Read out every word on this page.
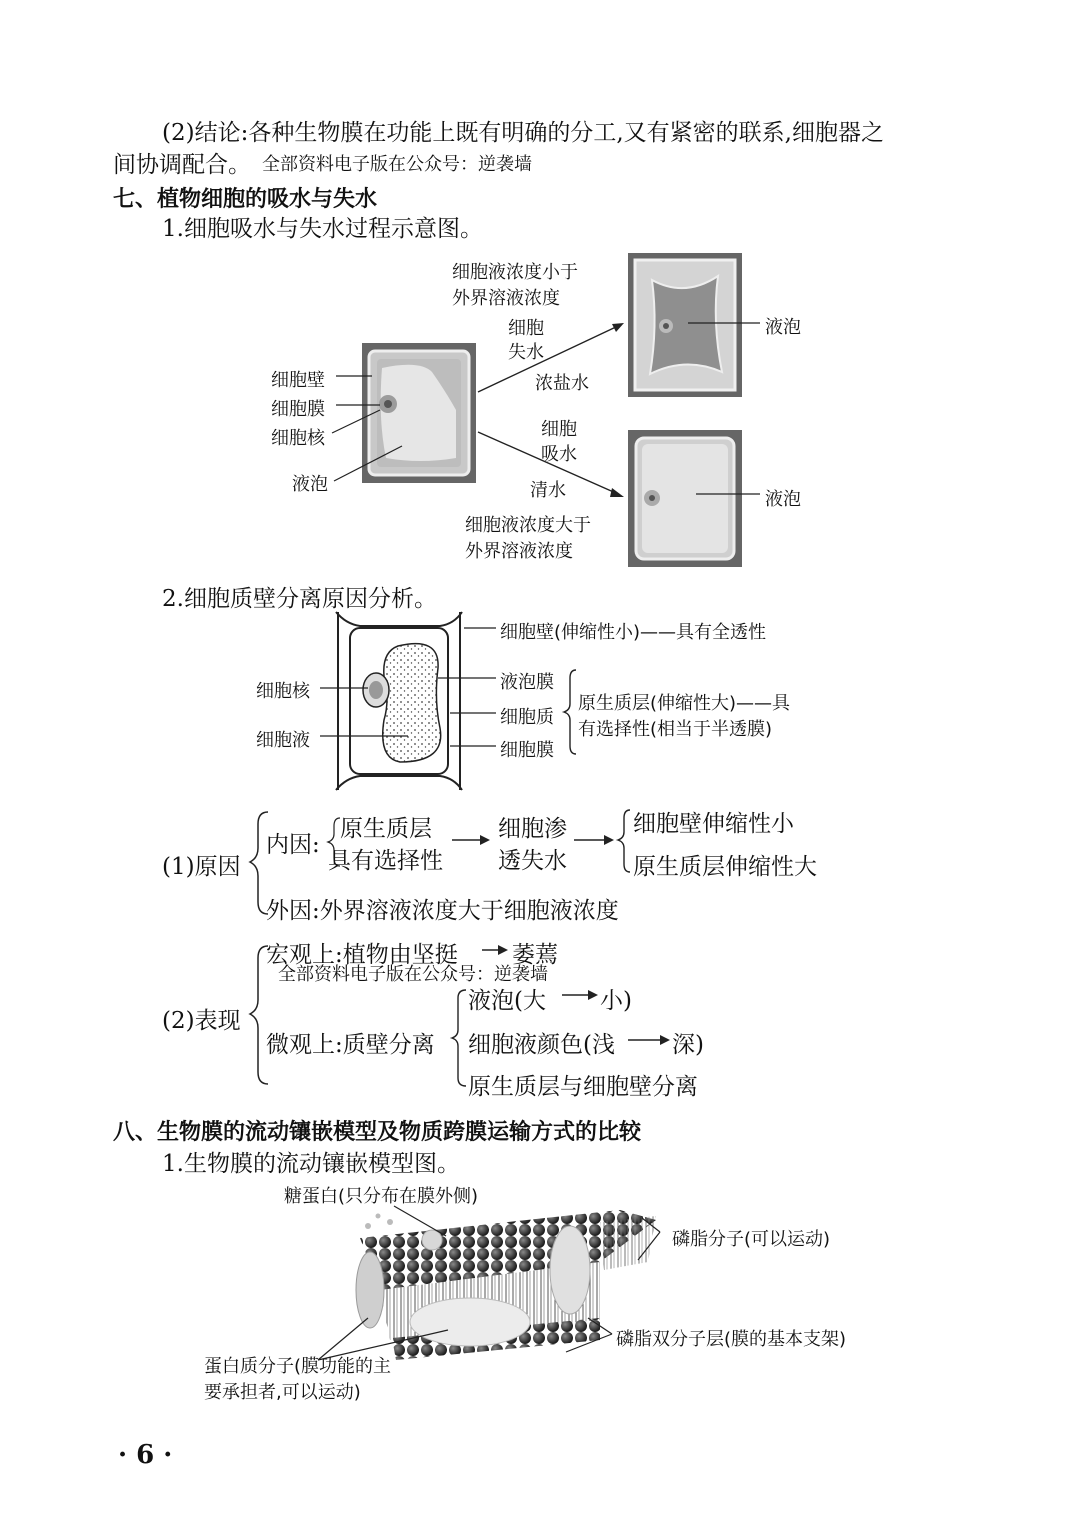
(2)结论:各种生物膜在功能上既有明确的分工,又有紧密的联系,细胞器之
间协调配合。 全部资料电子版在公众号：逆袭墙
七、植物细胞的吸水与失水
1.细胞吸水与失水过程示意图。
细胞液浓度小于
外界溶液浓度
细胞
失水
浓盐水
细胞
吸水
清水
细胞液浓度大于
外界溶液浓度
细胞壁
细胞膜
细胞核
液泡
液泡
液泡
2.细胞质壁分离原因分析。
细胞壁(伸缩性小)——具有全透性
液泡膜
细胞质
细胞膜
原生质层(伸缩性大)——具
有选择性(相当于半透膜)
细胞核
细胞液
(1)原因
内因:
原生质层
具有选择性
细胞渗
透失水
细胞壁伸缩性小
原生质层伸缩性大
外因:外界溶液浓度大于细胞液浓度
(2)表现
宏观上:植物由坚挺 萎蔫
全部资料电子版在公众号：逆袭墙
微观上:质壁分离
液泡(大 小)
细胞液颜色(浅 深)
原生质层与细胞壁分离
八、生物膜的流动镶嵌模型及物质跨膜运输方式的比较
1.生物膜的流动镶嵌模型图。
糖蛋白(只分布在膜外侧)
磷脂分子(可以运动)
磷脂双分子层(膜的基本支架)
蛋白质分子(膜功能的主
要承担者,可以运动)
· 6 ·
